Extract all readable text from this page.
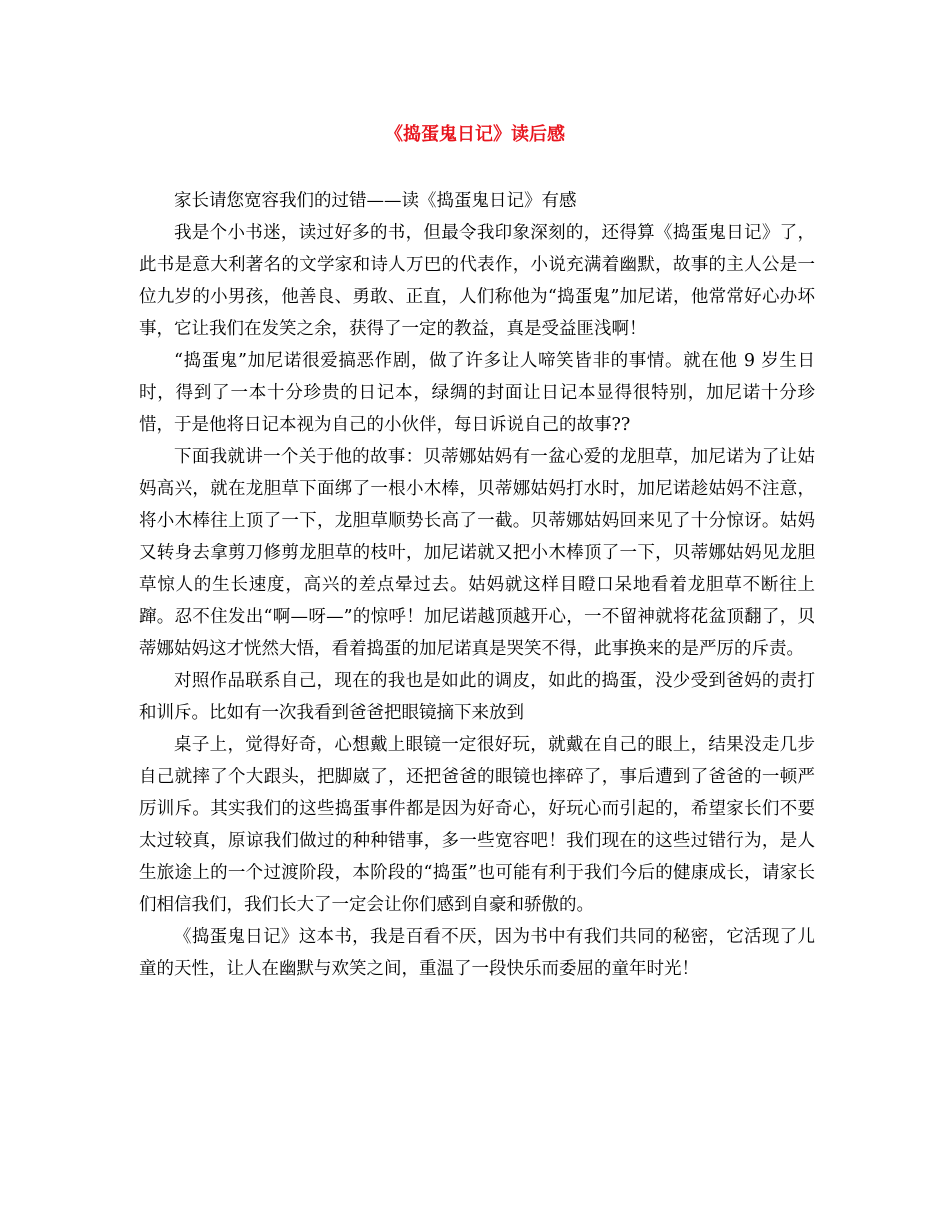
《捣蛋鬼日记》读后感

家长请您宽容我们的过错——读《捣蛋鬼日记》有感

我是个小书迷，读过好多的书，但最令我印象深刻的，还得算《捣蛋鬼日记》了，此书是意大利著名的文学家和诗人万巴的代表作，小说充满着幽默，故事的主人公是一位九岁的小男孩，他善良、勇敢、正直，人们称他为“捣蛋鬼”加尼诺，他常常好心办坏事，它让我们在发笑之余，获得了一定的教益，真是受益匪浅啊！

“捣蛋鬼”加尼诺很爱搞恶作剧，做了许多让人啼笑皆非的事情。就在他 9 岁生日时，得到了一本十分珍贵的日记本，绿绸的封面让日记本显得很特别，加尼诺十分珍惜，于是他将日记本视为自己的小伙伴，每日诉说自己的故事??

下面我就讲一个关于他的故事：贝蒂娜姑妈有一盆心爱的龙胆草，加尼诺为了让姑妈高兴，就在龙胆草下面绑了一根小木棒，贝蒂娜姑妈打水时，加尼诺趁姑妈不注意，将小木棒往上顶了一下，龙胆草顺势长高了一截。贝蒂娜姑妈回来见了十分惊讶。姑妈又转身去拿剪刀修剪龙胆草的枝叶，加尼诺就又把小木棒顶了一下，贝蒂娜姑妈见龙胆草惊人的生长速度，高兴的差点晕过去。姑妈就这样目瞪口呆地看着龙胆草不断往上蹿。忍不住发出“啊—呀—”的惊呼！加尼诺越顶越开心，一不留神就将花盆顶翻了，贝蒂娜姑妈这才恍然大悟，看着捣蛋的加尼诺真是哭笑不得，此事换来的是严厉的斥责。

对照作品联系自己，现在的我也是如此的调皮，如此的捣蛋，没少受到爸妈的责打和训斥。比如有一次我看到爸爸把眼镜摘下来放到

桌子上，觉得好奇，心想戴上眼镜一定很好玩，就戴在自己的眼上，结果没走几步自己就摔了个大跟头，把脚崴了，还把爸爸的眼镜也摔碎了，事后遭到了爸爸的一顿严厉训斥。其实我们的这些捣蛋事件都是因为好奇心，好玩心而引起的，希望家长们不要太过较真，原谅我们做过的种种错事，多一些宽容吧！我们现在的这些过错行为，是人生旅途上的一个过渡阶段，本阶段的“捣蛋”也可能有利于我们今后的健康成长，请家长们相信我们，我们长大了一定会让你们感到自豪和骄傲的。

《捣蛋鬼日记》这本书，我是百看不厌，因为书中有我们共同的秘密，它活现了儿童的天性，让人在幽默与欢笑之间，重温了一段快乐而委屈的童年时光！
